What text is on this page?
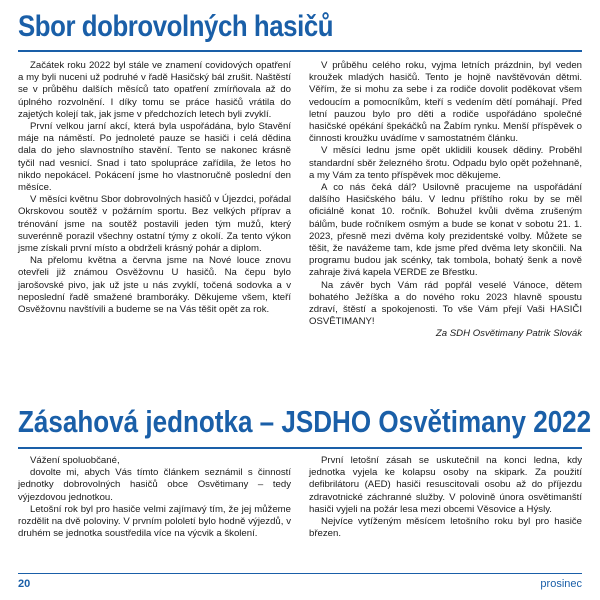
Sbor dobrovolných hasičů

Začátek roku 2022 byl stále ve znamení covidových opatření a my byli nuceni už podruhé v řadě Hasičský bál zrušit. Naštěstí se v průběhu dalších měsíců tato opatření zmírňovala až do úplného rozvolnění. I díky tomu se práce hasičů vrátila do zajetých kolejí tak, jak jsme v předchozích letech byli zvyklí.

První velkou jarní akcí, která byla uspořádána, bylo Stavění máje na náměstí. Po jednoleté pauze se hasiči i celá dědina dala do jeho slavnostního stavění. Tento se nakonec krásně tyčil nad vesnicí. Snad i tato spolupráce zařídila, že letos ho nikdo nepokácel. Pokácení jsme ho vlastnoručně poslední den měsíce.

V měsíci květnu Sbor dobrovolných hasičů v Újezdci, pořádal Okrskovou soutěž v požárním sportu. Bez velkých příprav a trénování jsme na soutěž postavili jeden tým mužů, který suverénně porazil všechny ostatní týmy z okolí. Za tento výkon jsme získali první místo a obdrželi krásný pohár a diplom.

Na přelomu května a června jsme na Nové louce znovu otevřeli již známou Osvěžovnu U hasičů. Na čepu bylo jarošovské pivo, jak už jste u nás zvyklí, točená sodovka a v neposlední řadě smažené bramboráky. Děkujeme všem, kteří Osvěžovnu navštívili a budeme se na Vás těšit opět za rok.

V průběhu celého roku, vyjma letních prázdnin, byl veden kroužek mladých hasičů. Tento je hojně navštěvován dětmi. Věřím, že si mohu za sebe i za rodiče dovolit poděkovat všem vedoucím a pomocníkům, kteří s vedením dětí pomáhají. Před letní pauzou bylo pro děti a rodiče uspořádáno společné hasičské opékání špekáčků na Žabím rynku. Menší příspěvek o činnosti kroužku uvádíme v samostatném článku.

V měsíci lednu jsme opět uklidili kousek dědiny. Proběhl standardní sběr železného šrotu. Odpadu bylo opět požehnaně, a my Vám za tento příspěvek moc děkujeme.

A co nás čeká dál? Usilovně pracujeme na uspořádání dalšího Hasičského bálu. V lednu příštího roku by se měl oficiálně konat 10. ročník. Bohužel kvůli dvěma zrušeným bálům, bude ročníkem osmým a bude se konat v sobotu 21. 1. 2023, přesně mezi dvěma koly prezidentské volby. Můžete se těšit, že navážeme tam, kde jsme před dvěma lety skončili. Na programu budou jak scénky, tak tombola, bohatý šenk a nově zahraje živá kapela VERDE ze Břestku.

Na závěr bych Vám rád popřál veselé Vánoce, dětem bohatého Ježíška a do nového roku 2023 hlavně spoustu zdraví, štěstí a spokojenosti. To vše Vám přejí Vaši HASIČI OSVĚTIMANY!

Za SDH Osvětimany Patrik Slovák

Zásahová jednotka – JSDHO Osvětimany 2022

Vážení spoluobčané,

dovolte mi, abych Vás tímto článkem seznámil s činností jednotky dobrovolných hasičů obce Osvětimany – tedy výjezdovou jednotkou.

Letošní rok byl pro hasiče velmi zajímavý tím, že jej můžeme rozdělit na dvě poloviny. V prvním pololetí bylo hodně výjezdů, v druhém se jednotka soustředila více na výcvik a školení.

První letošní zásah se uskutečnil na konci ledna, kdy jednotka vyjela ke kolapsu osoby na skipark. Za použití defibrilátoru (AED) hasiči resuscitovali osobu až do příjezdu zdravotnické záchranné služby. V polovině února osvětimanští hasiči vyjeli na požár lesa mezi obcemi Věsovice a Hýsly.

Nejvíce vytíženým měsícem letošního roku byl pro hasiče březen.

20	prosinec
